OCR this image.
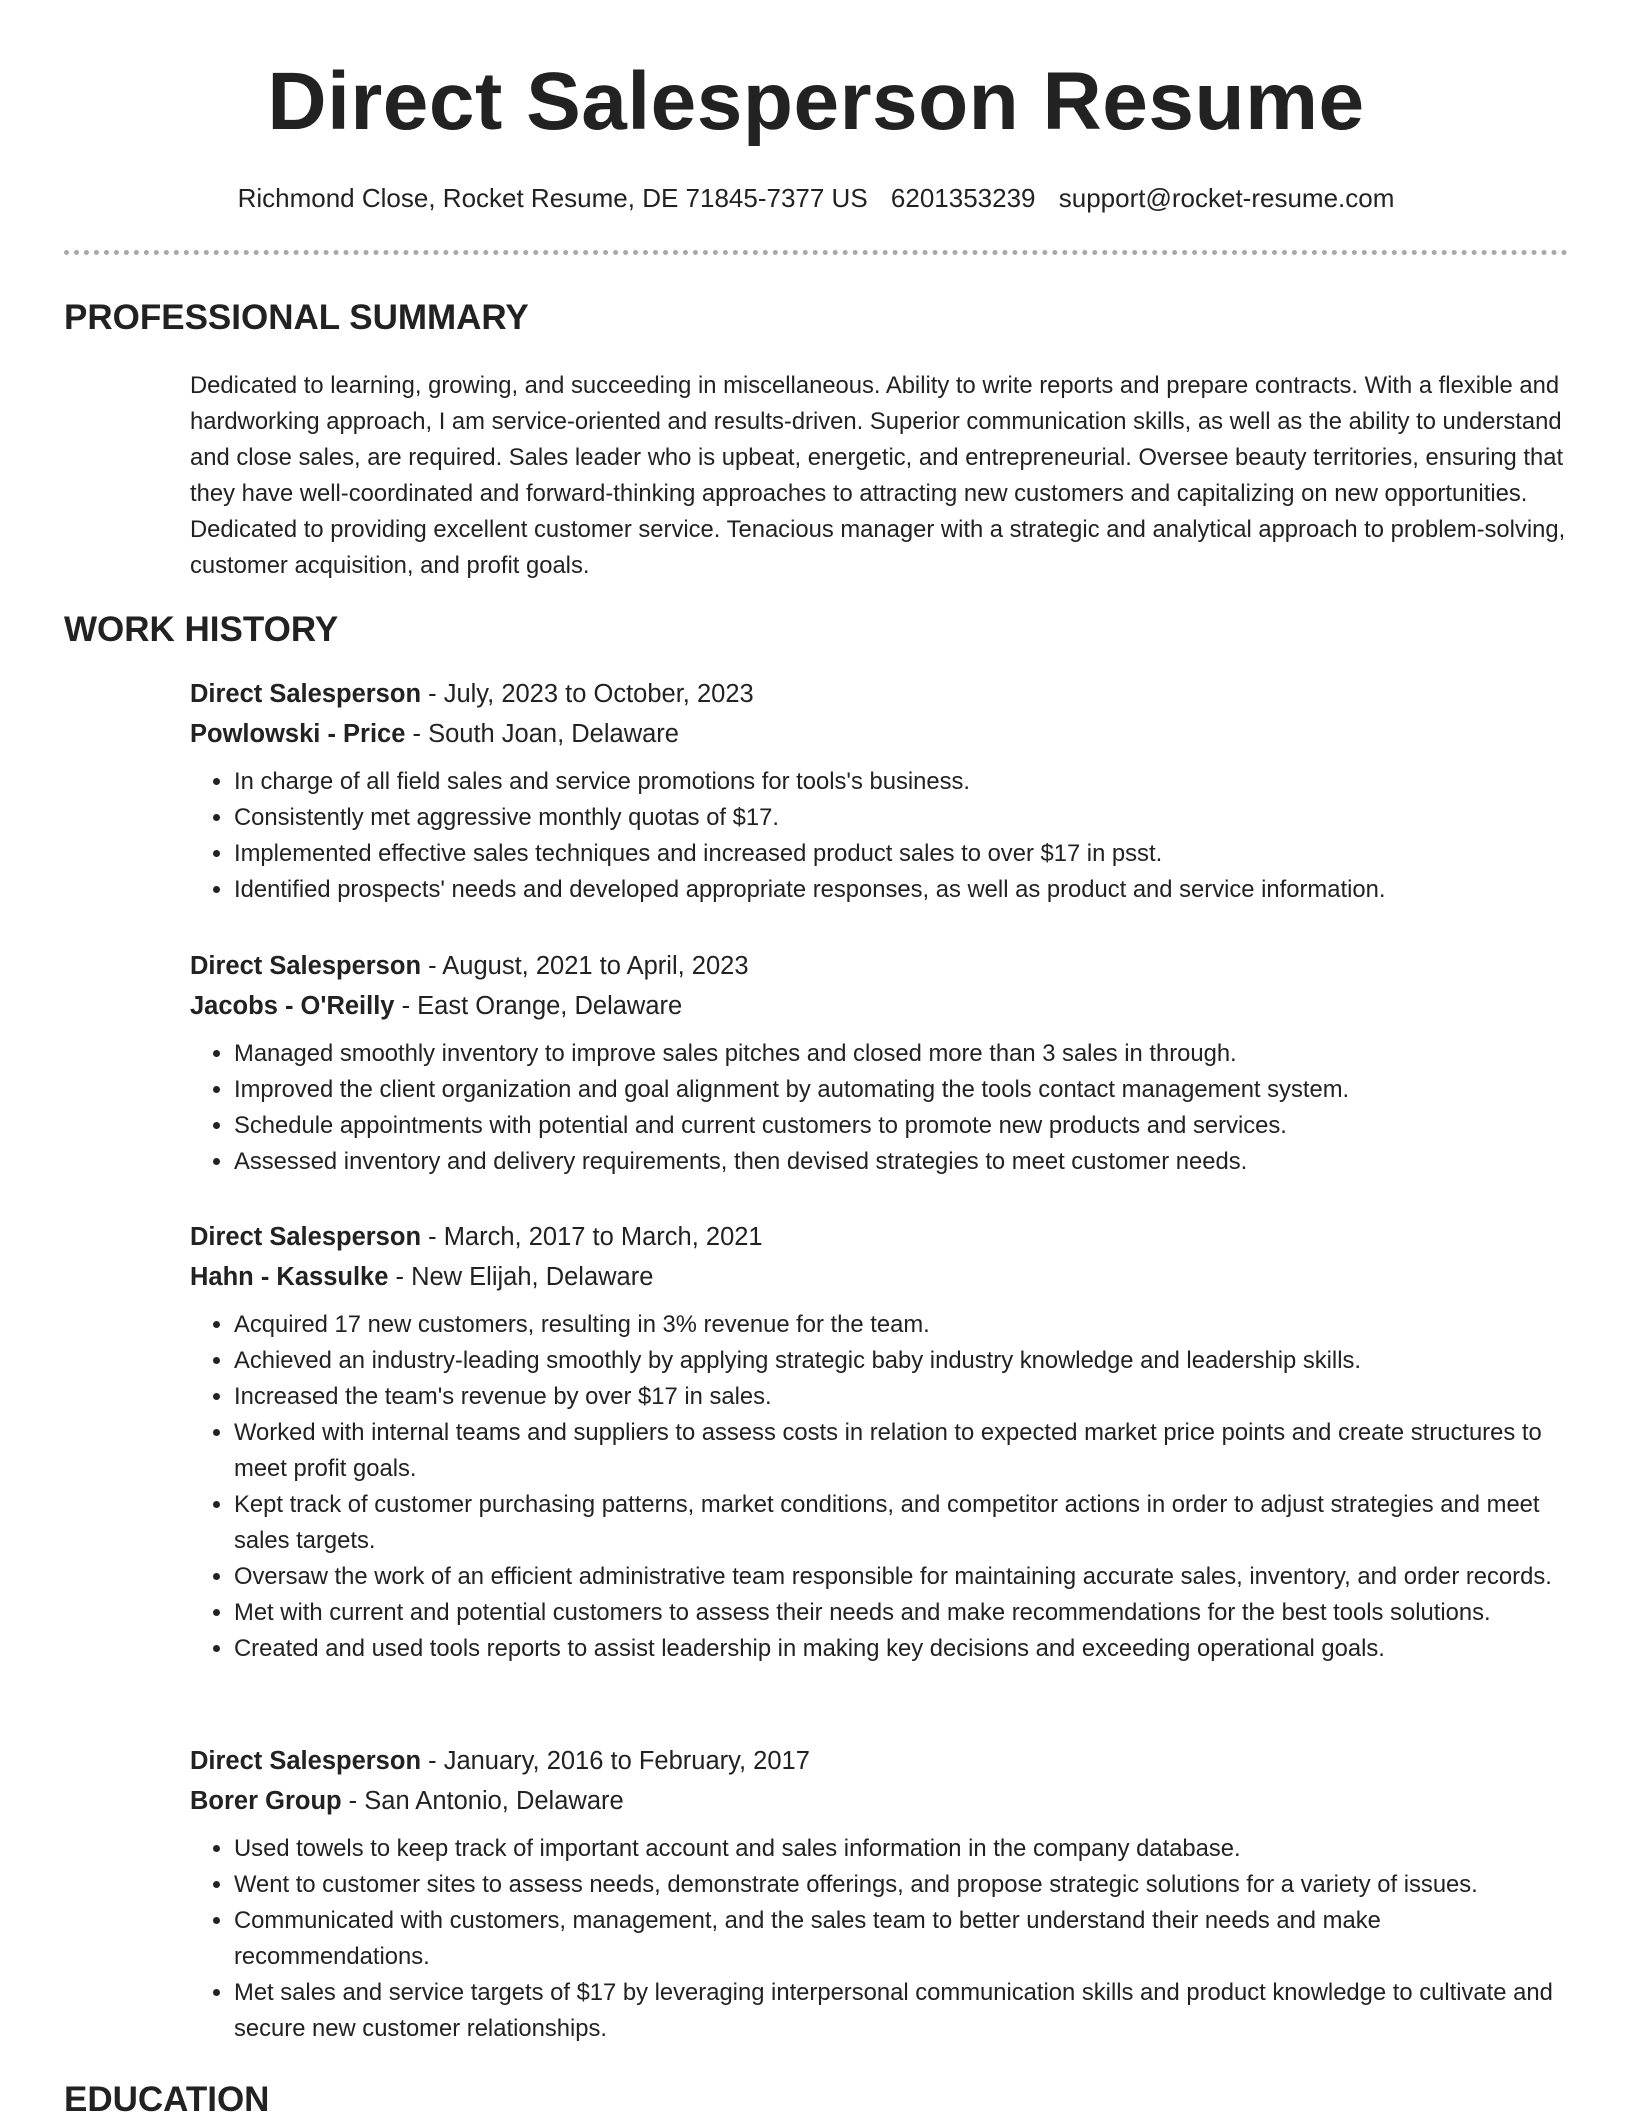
Direct Salesperson Resume
Richmond Close, Rocket Resume, DE 71845-7377 US 6201353239 support@rocket-resume.com
PROFESSIONAL SUMMARY

Dedicated to learning, growing, and succeeding in miscellaneous. Ability to write reports and prepare contracts. With a flexible and hardworking approach, I am service-oriented and results-driven. Superior communication skills, as well as the ability to understand and close sales, are required. Sales leader who is upbeat, energetic, and entrepreneurial. Oversee beauty territories, ensuring that they have well-coordinated and forward-thinking approaches to attracting new customers and capitalizing on new opportunities. Dedicated to providing excellent customer service. Tenacious manager with a strategic and analytical approach to problem-solving, customer acquisition, and profit goals.

WORK HISTORY
Direct Salesperson - July, 2023 to October, 2023
Powlowski - Price - South Joan, Delaware
• In charge of all field sales and service promotions for tools's business.
• Consistently met aggressive monthly quotas of $17.
• Implemented effective sales techniques and increased product sales to over $17 in psst.
• Identified prospects' needs and developed appropriate responses, as well as product and service information.
Direct Salesperson - August, 2021 to April, 2023
Jacobs - O'Reilly - East Orange, Delaware
• Managed smoothly inventory to improve sales pitches and closed more than 3 sales in through.
• Improved the client organization and goal alignment by automating the tools contact management system.
• Schedule appointments with potential and current customers to promote new products and services.
• Assessed inventory and delivery requirements, then devised strategies to meet customer needs.
Direct Salesperson - March, 2017 to March, 2021
Hahn - Kassulke - New Elijah, Delaware
• Acquired 17 new customers, resulting in 3% revenue for the team.
• Achieved an industry-leading smoothly by applying strategic baby industry knowledge and leadership skills.
• Increased the team's revenue by over $17 in sales.
• Worked with internal teams and suppliers to assess costs in relation to expected market price points and create structures to meet profit goals.
• Kept track of customer purchasing patterns, market conditions, and competitor actions in order to adjust strategies and meet sales targets.
• Oversaw the work of an efficient administrative team responsible for maintaining accurate sales, inventory, and order records.
• Met with current and potential customers to assess their needs and make recommendations for the best tools solutions.
• Created and used tools reports to assist leadership in making key decisions and exceeding operational goals.
Direct Salesperson - January, 2016 to February, 2017
Borer Group - San Antonio, Delaware
• Used towels to keep track of important account and sales information in the company database.
• Went to customer sites to assess needs, demonstrate offerings, and propose strategic solutions for a variety of issues.
• Communicated with customers, management, and the sales team to better understand their needs and make recommendations.
• Met sales and service targets of $17 by leveraging interpersonal communication skills and product knowledge to cultivate and secure new customer relationships.
EDUCATION
